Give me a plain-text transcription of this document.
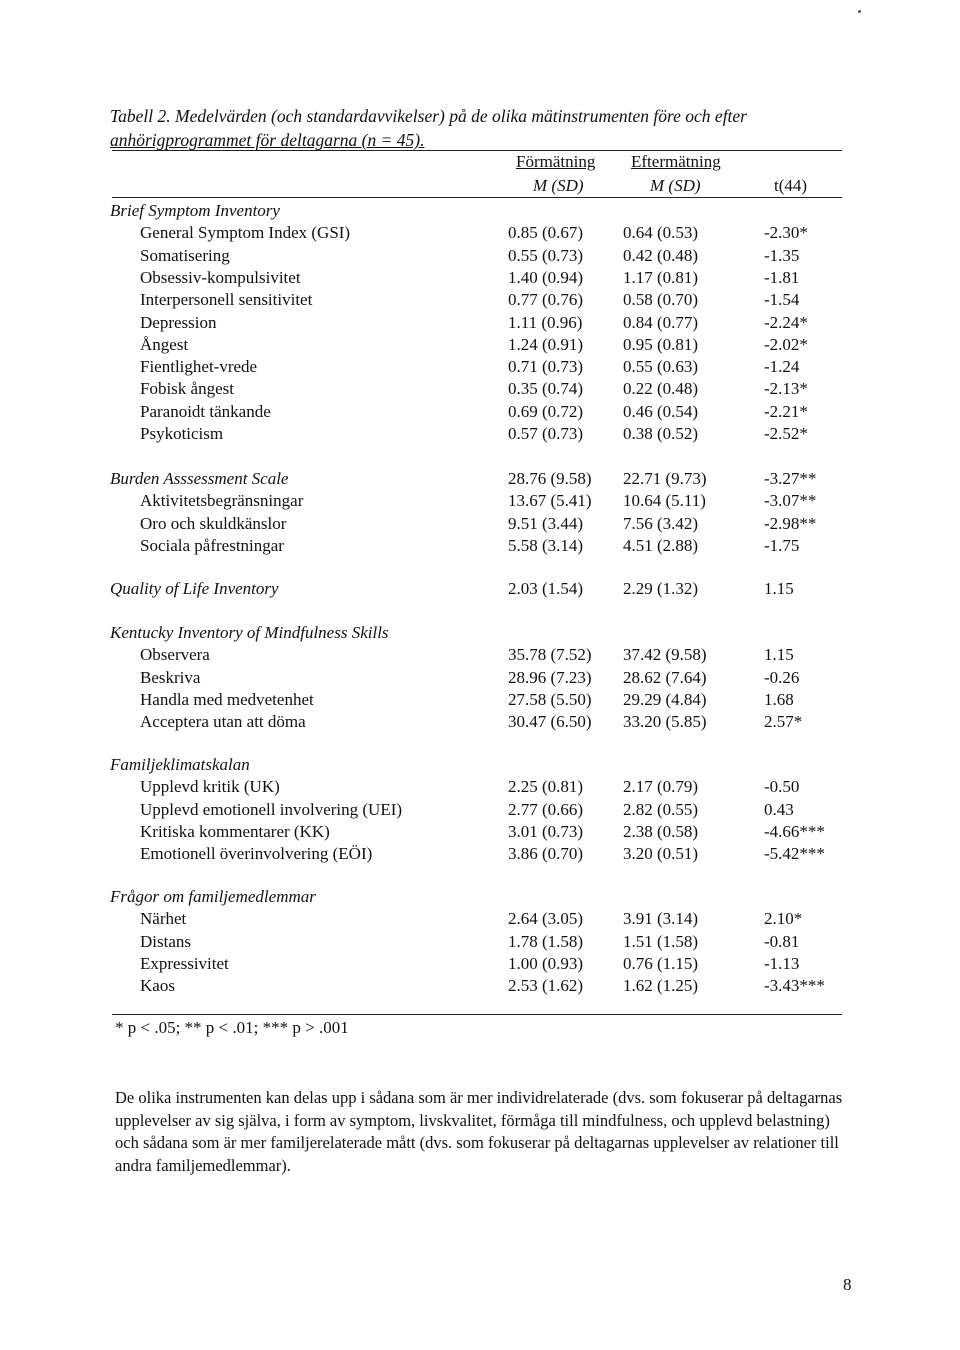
Tabell 2. Medelvärden (och standardavvikelser) på de olika mätinstrumenten före och efter
anhörigprogrammet för deltagarna (n = 45).
Förmätning Eftermätning
M (SD)	M (SD)	t(44)
Brief Symptom Inventory
General Symptom Index (GSI)	0.85 (0.67) 0.64 (0.53)	-2.30*
Somatisering	0.55 (0.73) 0.42 (0.48)	-1.35
Obsessiv-kompulsivitet	1.40 (0.94) 1.17 (0.81)	-1.81
Interpersonell sensitivitet	0.77 (0.76) 0.58 (0.70)	-1.54
Depression	1.11 (0.96) 0.84 (0.77)	-2.24*
Ångest	1.24 (0.91) 0.95 (0.81)	-2.02*
Fientlighet-vrede	0.71 (0.73) 0.55 (0.63)	-1.24
Fobisk ångest	0.35 (0.74) 0.22 (0.48)	-2.13*
Paranoidt tänkande	0.69 (0.72) 0.46 (0.54)	-2.21*
Psykoticism	0.57 (0.73) 0.38 (0.52)	-2.52*
Burden Asssessment Scale	28.76 (9.58) 22.71 (9.73)	-3.27**
Aktivitetsbegränsningar	13.67 (5.41) 10.64 (5.11)	-3.07**
Oro och skuldkänslor	9.51 (3.44) 7.56 (3.42)	-2.98**
Sociala påfrestningar	5.58 (3.14) 4.51 (2.88)	-1.75
Quality of Life Inventory	2.03 (1.54) 2.29 (1.32)	1.15
Kentucky Inventory of Mindfulness Skills
Observera	35.78 (7.52) 37.42 (9.58)	1.15
Beskriva	28.96 (7.23) 28.62 (7.64)	-0.26
Handla med medvetenhet	27.58 (5.50) 29.29 (4.84)	1.68
Acceptera utan att döma	30.47 (6.50) 33.20 (5.85)	2.57*
Familjeklimatskalan
Upplevd kritik (UK)	2.25 (0.81) 2.17 (0.79)	-0.50
Upplevd emotionell involvering (UEI)	2.77 (0.66) 2.82 (0.55)	0.43
Kritiska kommentarer (KK)	3.01 (0.73) 2.38 (0.58)	-4.66***
Emotionell överinvolvering (EÖI)	3.86 (0.70) 3.20 (0.51)	-5.42***
Frågor om familjemedlemmar
Närhet	2.64 (3.05) 3.91 (3.14)	2.10*
Distans	1.78 (1.58) 1.51 (1.58)	-0.81
Expressivitet	1.00 (0.93) 0.76 (1.15)	-1.13
Kaos	2.53 (1.62) 1.62 (1.25)	-3.43***
* p < .05; ** p < .01; *** p > .001
De olika instrumenten kan delas upp i sådana som är mer individrelaterade (dvs. som fokuserar på deltagarnas upplevelser av sig själva, i form av symptom, livskvalitet, förmåga till mindfulness, och upplevd belastning) och sådana som är mer familjerelaterade mått (dvs. som fokuserar på deltagarnas upplevelser av relationer till andra familjemedlemmar).
8
